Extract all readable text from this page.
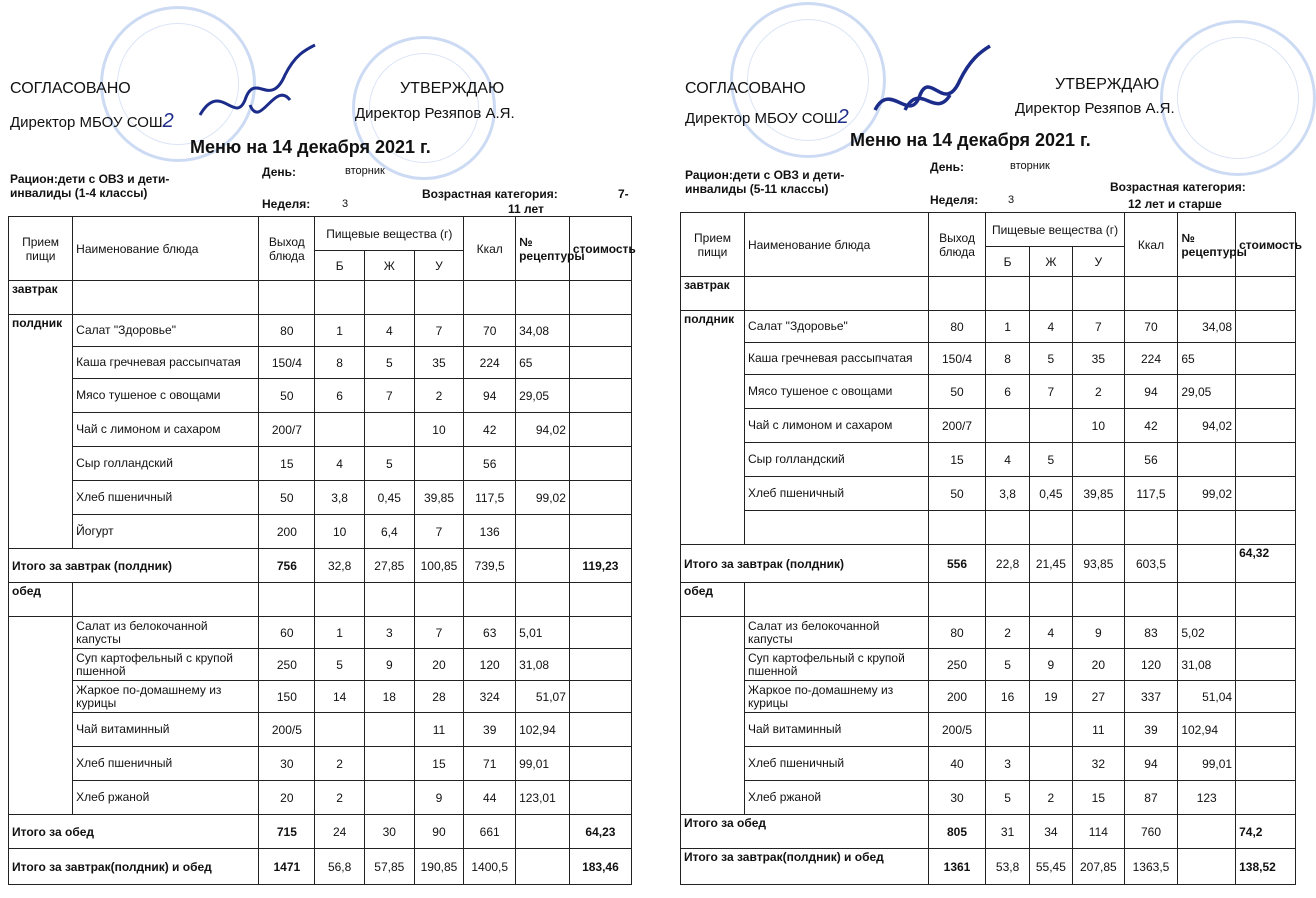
СОГЛАСОВАНО	УТВЕРЖДАЮ
Директор МБОУ СОШ2	Директор Резяпов А.Я.
Меню на 14 декабря 2021 г.
Рацион:дети с ОВЗ и дети-инвалиды (1-4 классы)
День:	вторник
Неделя:	3
Возрастная категория:	7-
11 лет
Прием пищи	Наименование блюда	Выход блюда	Пищевые вещества (г)			Ккал	№ рецептуры	стоимость
			Б	Ж	У			
завтрак								
полдник	Салат "Здоровье"	80	1	4	7	70	34,08	
	Каша гречневая рассыпчатая	150/4	8	5	35	224	65	
	Мясо тушеное с овощами	50	6	7	2	94	29,05	
	Чай с лимоном и сахаром	200/7			10	42	94,02	
	Сыр голландский	15	4	5		56		
	Хлеб пшеничный	50	3,8	0,45	39,85	117,5	99,02	
	Йогурт	200	10	6,4	7	136		
Итого за завтрак (полдник)		756	32,8	27,85	100,85	739,5		119,23
обед								
	Салат из белокочанной капусты	60	1	3	7	63	5,01	
	Суп картофельный с крупой пшенной	250	5	9	20	120	31,08	
	Жаркое по-домашнему из курицы	150	14	18	28	324	51,07	
	Чай витаминный	200/5			11	39	102,94	
	Хлеб пшеничный	30	2		15	71	99,01	
	Хлеб ржаной	20	2		9	44	123,01	
Итого за обед		715	24	30	90	661		64,23
Итого за завтрак(полдник) и обед		1471	56,8	57,85	190,85	1400,5		183,46
СОГЛАСОВАНО	УТВЕРЖДАЮ
Директор МБОУ СОШ2	Директор Резяпов А.Я.
Меню на 14 декабря 2021 г.
Рацион:дети с ОВЗ и дети-инвалиды (5-11 классы)
День:	вторник
Неделя:	3
Возрастная категория:
12 лет и старше
Прием пищи	Наименование блюда	Выход блюда	Пищевые вещества (г)			Ккал	№ рецептуры	стоимость
			Б	Ж	У			
завтрак								
полдник	Салат "Здоровье"	80	1	4	7	70	34,08	
	Каша гречневая рассыпчатая	150/4	8	5	35	224	65	
	Мясо тушеное с овощами	50	6	7	2	94	29,05	
	Чай с лимоном и сахаром	200/7			10	42	94,02	
	Сыр голландский	15	4	5		56		
	Хлеб пшеничный	50	3,8	0,45	39,85	117,5	99,02	

Итого за завтрак (полдник)		556	22,8	21,45	93,85	603,5		64,32
обед								
	Салат из белокочанной капусты	80	2	4	9	83	5,02	
	Суп картофельный с крупой пшенной	250	5	9	20	120	31,08	
	Жаркое по-домашнему из курицы	200	16	19	27	337	51,04	
	Чай витаминный	200/5			11	39	102,94	
	Хлеб пшеничный	40	3		32	94	99,01	
	Хлеб ржаной	30	5	2	15	87	123	
Итого за обед		805	31	34	114	760		74,2
Итого за завтрак(полдник) и обед		1361	53,8	55,45	207,85	1363,5		138,52
